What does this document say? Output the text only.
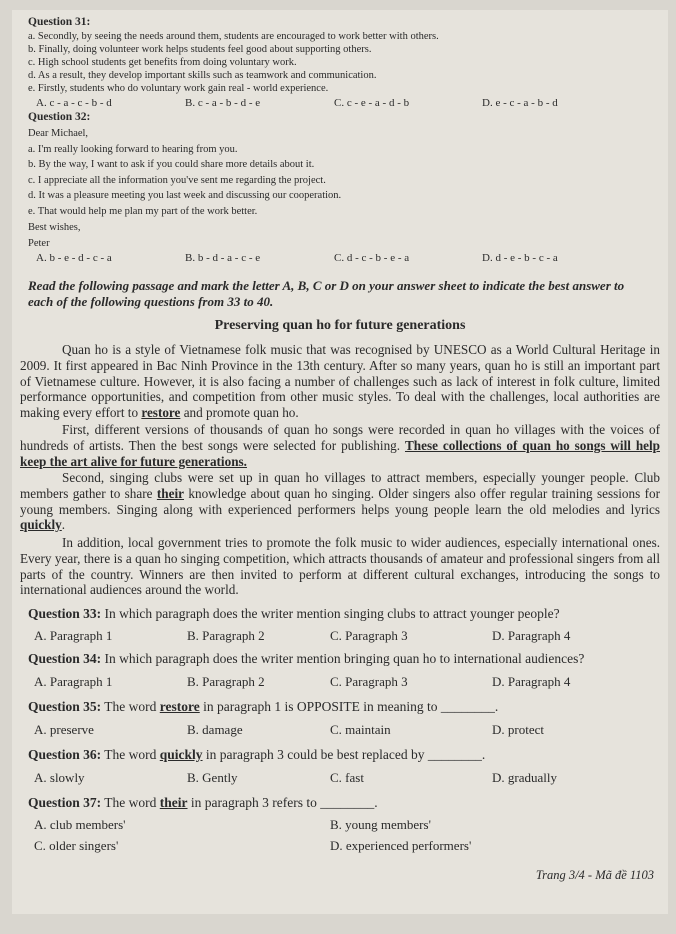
Question 31:
a. Secondly, by seeing the needs around them, students are encouraged to work better with others.
b. Finally, doing volunteer work helps students feel good about supporting others.
c. High school students get benefits from doing voluntary work.
d. As a result, they develop important skills such as teamwork and communication.
e. Firstly, students who do voluntary work gain real - world experience.
A. c - a - c - b - d	B. c - a - b - d - e	C. c - e - a - d - b	D. e - c - a - b - d
Question 32:
Dear Michael,
a. I'm really looking forward to hearing from you.
b. By the way, I want to ask if you could share more details about it.
c. I appreciate all the information you've sent me regarding the project.
d. It was a pleasure meeting you last week and discussing our cooperation.
e. That would help me plan my part of the work better.
Best wishes,
Peter
A. b - e - d - c - a	B. b - d - a - c - e	C. d - c - b - e - a	D. d - e - b - c - a
Read the following passage and mark the letter A, B, C or D on your answer sheet to indicate the best answer to each of the following questions from 33 to 40.
Preserving quan ho for future generations
Quan ho is a style of Vietnamese folk music that was recognised by UNESCO as a World Cultural Heritage in 2009. It first appeared in Bac Ninh Province in the 13th century. After so many years, quan ho is still an important part of Vietnamese culture. However, it is also facing a number of challenges such as lack of interest in folk culture, limited performance opportunities, and competition from other music styles. To deal with the challenges, local authorities are making every effort to restore and promote quan ho.
First, different versions of thousands of quan ho songs were recorded in quan ho villages with the voices of hundreds of artists. Then the best songs were selected for publishing. These collections of quan ho songs will help keep the art alive for future generations.
Second, singing clubs were set up in quan ho villages to attract members, especially younger people. Club members gather to share their knowledge about quan ho singing. Older singers also offer regular training sessions for young members. Singing along with experienced performers helps young people learn the old melodies and lyrics quickly.
In addition, local government tries to promote the folk music to wider audiences, especially international ones. Every year, there is a quan ho singing competition, which attracts thousands of amateur and professional singers from all parts of the country. Winners are then invited to perform at different cultural exchanges, introducing the songs to international audiences around the world.
Question 33: In which paragraph does the writer mention singing clubs to attract younger people?
A. Paragraph 1	B. Paragraph 2	C. Paragraph 3	D. Paragraph 4
Question 34: In which paragraph does the writer mention bringing quan ho to international audiences?
A. Paragraph 1	B. Paragraph 2	C. Paragraph 3	D. Paragraph 4
Question 35: The word restore in paragraph 1 is OPPOSITE in meaning to ________.
A. preserve	B. damage	C. maintain	D. protect
Question 36: The word quickly in paragraph 3 could be best replaced by ________.
A. slowly	B. Gently	C. fast	D. gradually
Question 37: The word their in paragraph 3 refers to ________.
A. club members'	B. young members'
C. older singers'	D. experienced performers'
Trang 3/4 - Mã đề 1103
